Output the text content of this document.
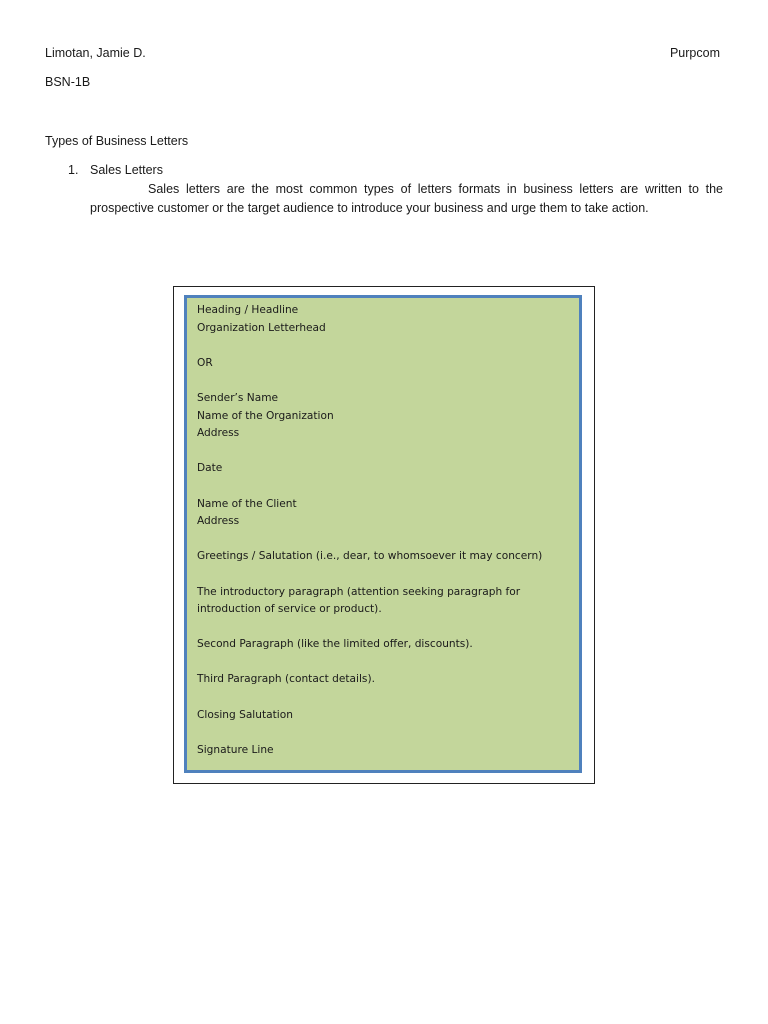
Limotan, Jamie D.	Purpcom
BSN-1B
Types of Business Letters
1. Sales Letters
Sales letters are the most common types of letters formats in business letters are written to the prospective customer or the target audience to introduce your business and urge them to take action.
Heading / Headline
Organization Letterhead
OR
Sender’s Name
Name of the Organization
Address
Date
Name of the Client
Address
Greetings / Salutation (i.e., dear, to whomsoever it may concern)
The introductory paragraph (attention seeking paragraph for introduction of service or product).
Second Paragraph (like the limited offer, discounts).
Third Paragraph (contact details).
Closing Salutation
Signature Line
